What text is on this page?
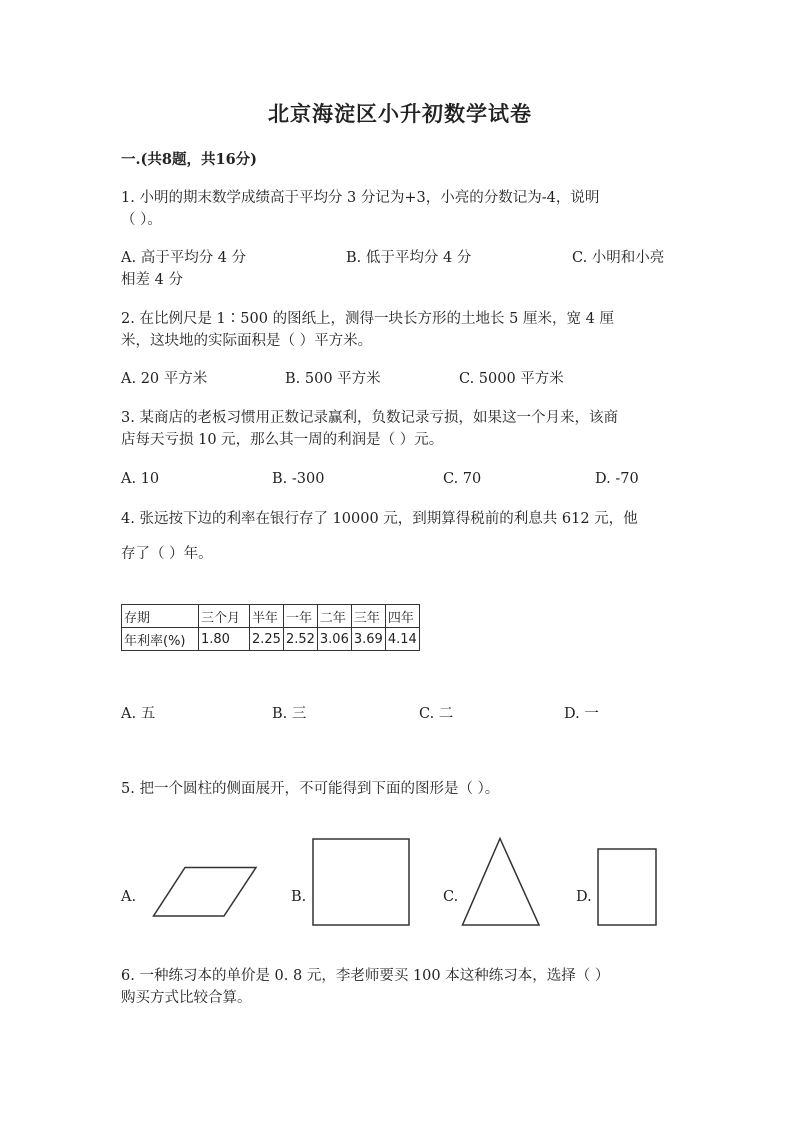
北京海淀区小升初数学试卷
一.(共8题，共16分)
1. 小明的期末数学成绩高于平均分 3 分记为+3，小亮的分数记为-4，说明
（ ）。
A. 高于平均分 4 分	B. 低于平均分 4 分	C. 小明和小亮
相差 4 分
2. 在比例尺是 1∶500 的图纸上，测得一块长方形的土地长 5 厘米，宽 4 厘
米，这块地的实际面积是（ ）平方米。
A. 20 平方米	B. 500 平方米	C. 5000 平方米
3. 某商店的老板习惯用正数记录赢利，负数记录亏损，如果这一个月来，该商
店每天亏损 10 元，那么其一周的利润是（ ）元。
A. 10	B. -300	C. 70	D. -70
4. 张远按下边的利率在银行存了 10000 元，到期算得税前的利息共 612 元，他
存了（ ）年。
存期	三个月	半年	一年	二年	三年	四年
年利率(%)	1.80	2.25	2.52	3.06	3.69	4.14
A. 五	B. 三	C. 二	D. 一
5. 把一个圆柱的侧面展开，不可能得到下面的图形是（ ）。
A.	B.	C.	D.
6. 一种练习本的单价是 0. 8 元，李老师要买 100 本这种练习本，选择（ ）
购买方式比较合算。
